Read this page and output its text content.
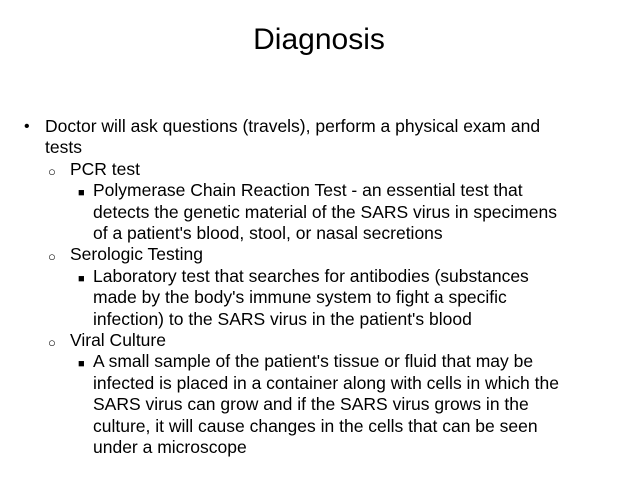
Diagnosis
• Doctor will ask questions (travels), perform a physical exam and
tests
○ PCR test
■ Polymerase Chain Reaction Test - an essential test that
detects the genetic material of the SARS virus in specimens
of a patient's blood, stool, or nasal secretions
○ Serologic Testing
■ Laboratory test that searches for antibodies (substances
made by the body's immune system to fight a specific
infection) to the SARS virus in the patient's blood
○ Viral Culture
■ A small sample of the patient's tissue or fluid that may be
infected is placed in a container along with cells in which the
SARS virus can grow and if the SARS virus grows in the
culture, it will cause changes in the cells that can be seen
under a microscope
